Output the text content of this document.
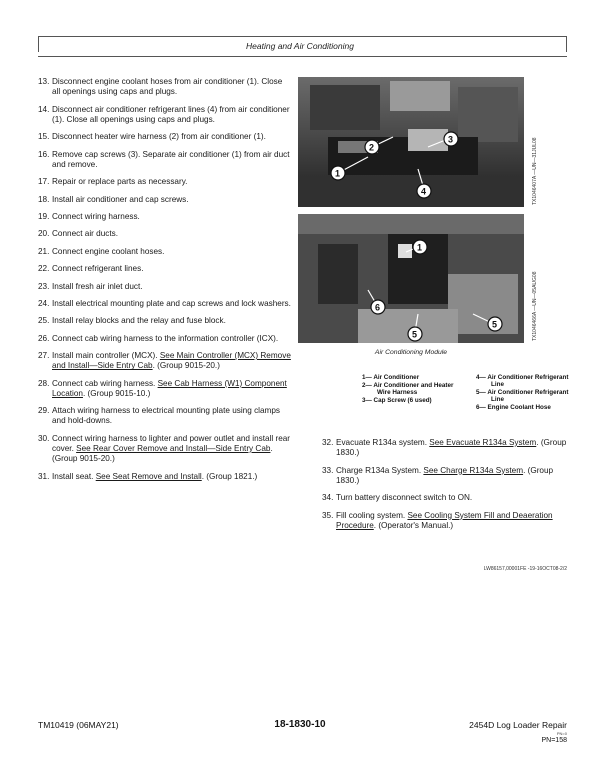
Heating and Air Conditioning
13. Disconnect engine coolant hoses from air conditioner (1). Close all openings using caps and plugs.
14. Disconnect air conditioner refrigerant lines (4) from air conditioner (1). Close all openings using caps and plugs.
15. Disconnect heater wire harness (2) from air conditioner (1).
16. Remove cap screws (3). Separate air conditioner (1) from air duct and remove.
17. Repair or replace parts as necessary.
18. Install air conditioner and cap screws.
19. Connect wiring harness.
20. Connect air ducts.
21. Connect engine coolant hoses.
22. Connect refrigerant lines.
23. Install fresh air inlet duct.
24. Install electrical mounting plate and cap screws and lock washers.
25. Install relay blocks and the relay and fuse block.
26. Connect cab wiring harness to the information controller (ICX).
27. Install main controller (MCX). See Main Controller (MCX) Remove and Install—Side Entry Cab. (Group 9015-20.)
28. Connect cab wiring harness. See Cab Harness (W1) Component Location. (Group 9015-10.)
29. Attach wiring harness to electrical mounting plate using clamps and hold-downs.
30. Connect wiring harness to lighter and power outlet and install rear cover. See Rear Cover Remove and Install—Side Entry Cab. (Group 9015-20.)
31. Install seat. See Seat Remove and Install. (Group 1821.)
1
2
3
4	TX1046407A —UN—31JUL08
1
6
5
5	TX1046466A —UN—05AUG08
Air Conditioning Module
1— Air Conditioner
2— Air Conditioner and Heater Wire Harness
3— Cap Screw (6 used)
4— Air Conditioner Refrigerant Line
5— Air Conditioner Refrigerant Line
6— Engine Coolant Hose
32. Evacuate R134a system. See Evacuate R134a System. (Group 1830.)
33. Charge R134a System. See Charge R134a System. (Group 1830.)
34. Turn battery disconnect switch to ON.
35. Fill cooling system. See Cooling System Fill and Deaeration Procedure. (Operator's Manual.)
LW86157,00001FE -19-16OCT08-2/2
TM10419 (06MAY21)	18-1830-10	2454D Log Loader Repair
PN=0
PN=158
